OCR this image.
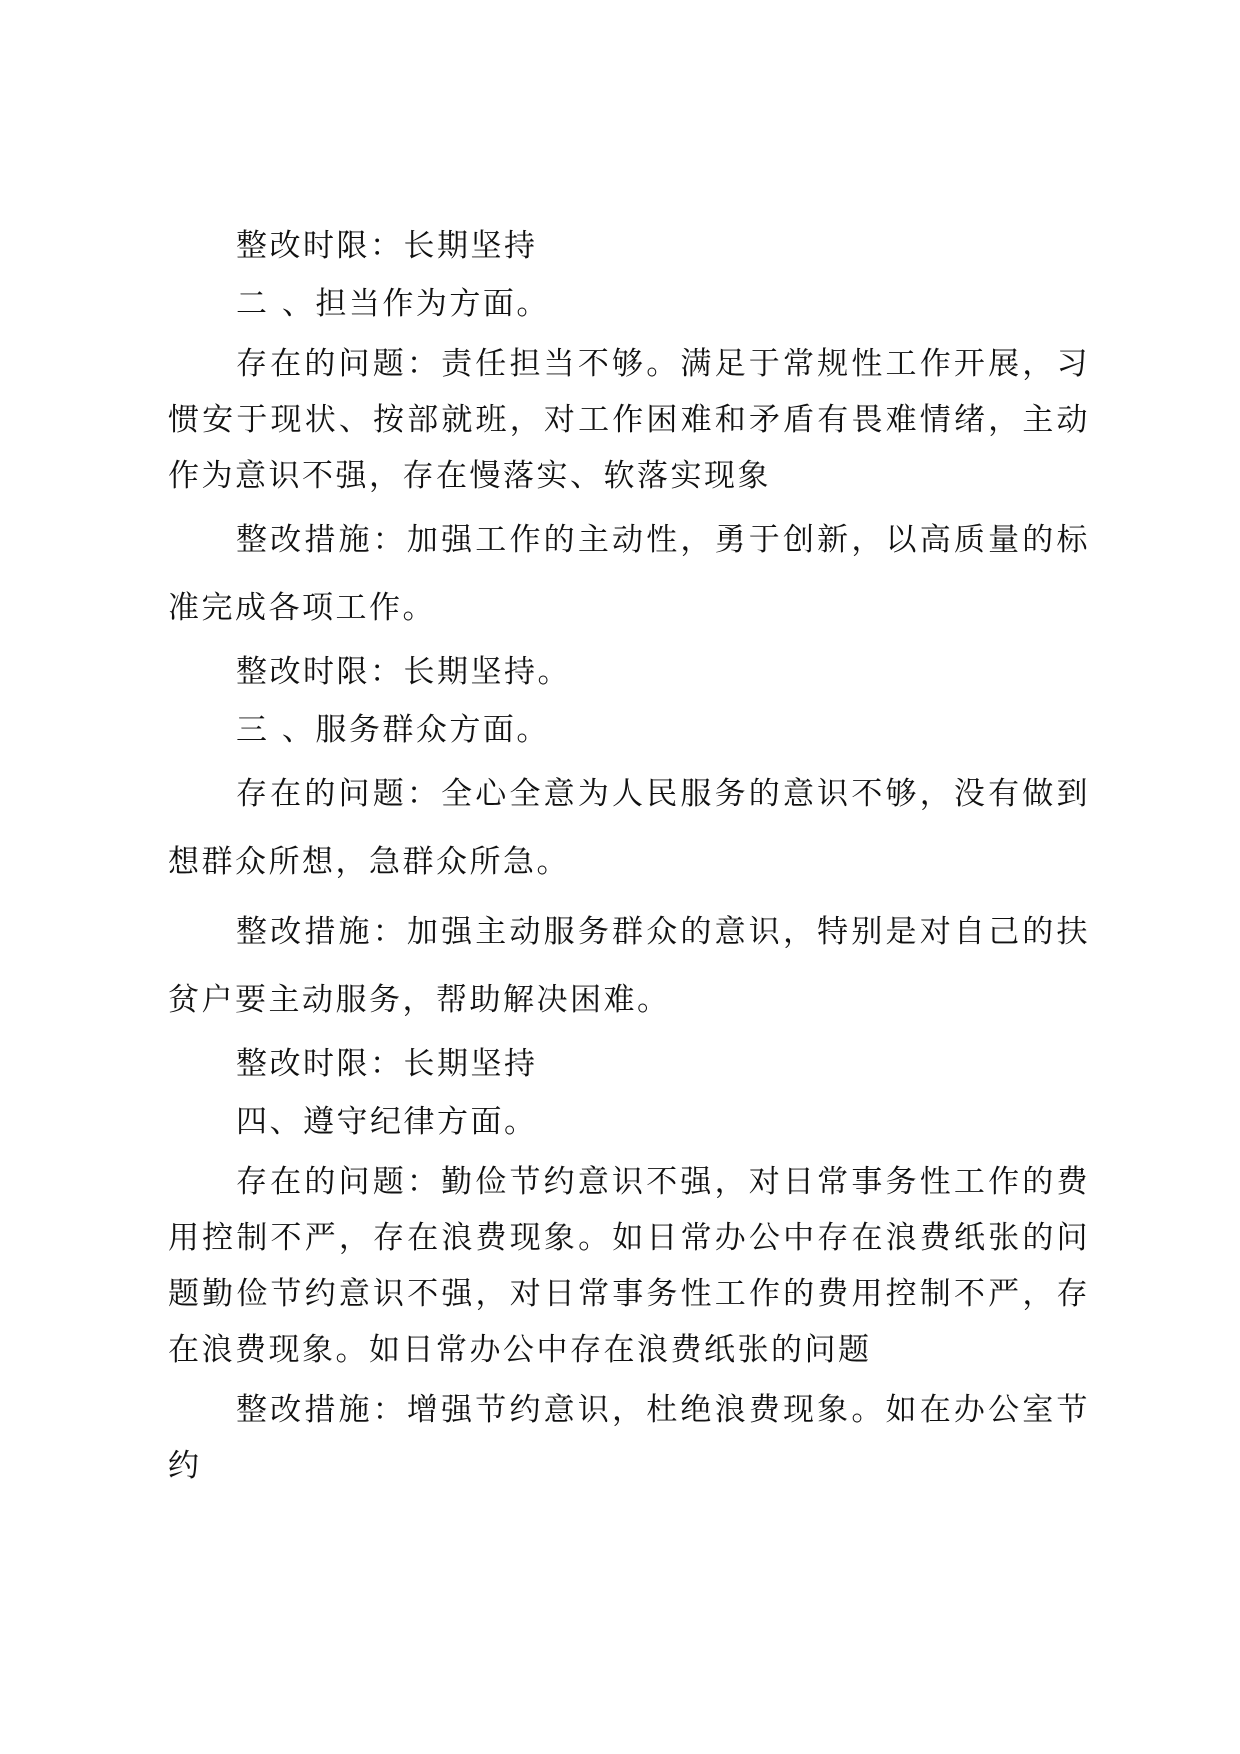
整改时限：长期坚持

二 、担当作为方面。

存在的问题：责任担当不够。满足于常规性工作开展，习惯安于现状、按部就班，对工作困难和矛盾有畏难情绪，主动作为意识不强，存在慢落实、软落实现象

整改措施：加强工作的主动性，勇于创新，以高质量的标准完成各项工作。

整改时限：长期坚持。

三 、服务群众方面。

存在的问题：全心全意为人民服务的意识不够，没有做到想群众所想，急群众所急。

整改措施：加强主动服务群众的意识，特别是对自己的扶贫户要主动服务，帮助解决困难。

整改时限：长期坚持

四、遵守纪律方面。

存在的问题：勤俭节约意识不强，对日常事务性工作的费用控制不严，存在浪费现象。如日常办公中存在浪费纸张的问题勤俭节约意识不强，对日常事务性工作的费用控制不严，存在浪费现象。如日常办公中存在浪费纸张的问题

整改措施：增强节约意识，杜绝浪费现象。如在办公室节约
